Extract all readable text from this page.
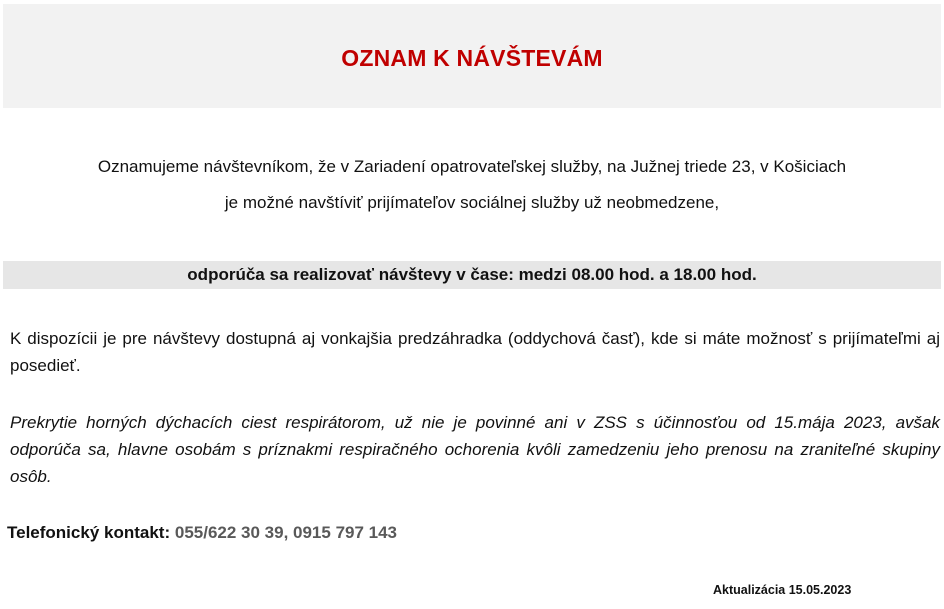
OZNAM K NÁVŠTEVÁM
Oznamujeme návštevníkom, že v Zariadení opatrovateľskej služby, na Južnej triede 23, v Košiciach
je možné navštíviť prijímateľov sociálnej služby už neobmedzene,
odporúča sa realizovať návštevy v čase: medzi 08.00 hod. a 18.00 hod.

K dispozícii je pre návštevy dostupná aj vonkajšia predzáhradka (oddychová časť), kde si máte možnosť s prijímateľmi aj posedieť.

Prekrytie horných dýchacích ciest respirátorom, už nie je povinné ani v ZSS s účinnosťou od 15.mája 2023, avšak odporúča sa, hlavne osobám s príznakmi respiračného ochorenia kvôli zamedzeniu jeho prenosu na zraniteľné skupiny osôb.

Telefonický kontakt: 055/622 30 39, 0915 797 143
Aktualizácia 15.05.2023
